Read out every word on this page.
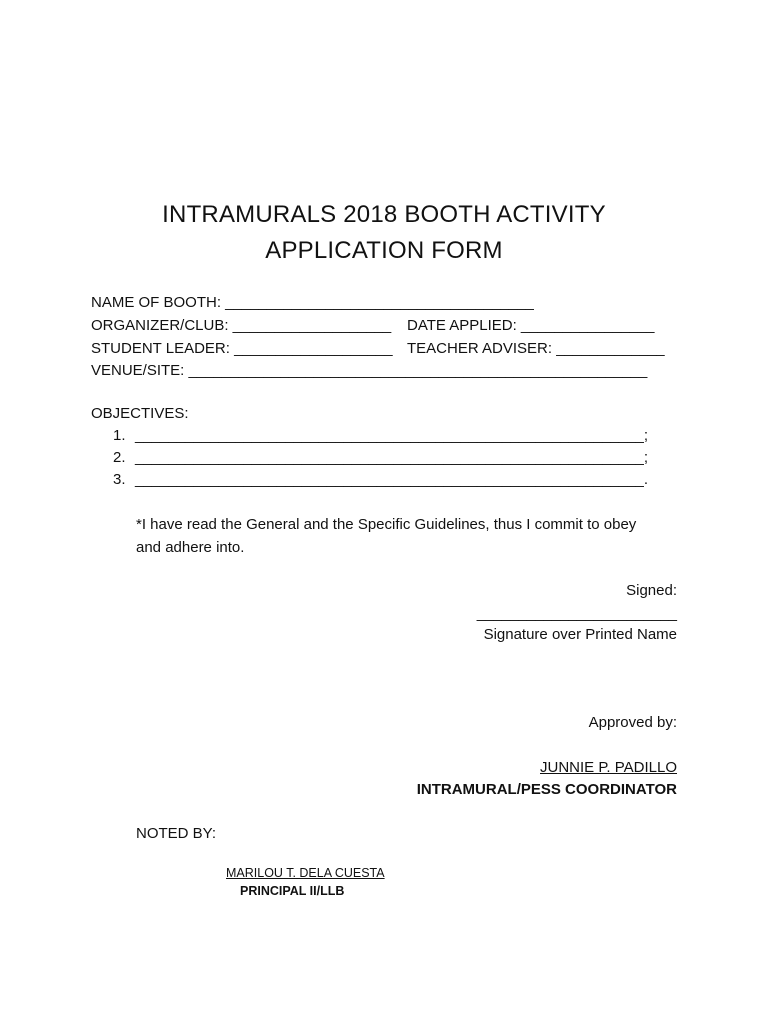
INTRAMURALS 2018 BOOTH ACTIVITY
APPLICATION FORM
NAME OF BOOTH: _____________________________________
ORGANIZER/CLUB: ___________________ DATE APPLIED: ________________
STUDENT LEADER: ___________________ TEACHER ADVISER: _____________
VENUE/SITE: _______________________________________________________
OBJECTIVES:
1. _____________________________________________________________;
2. _____________________________________________________________;
3. _____________________________________________________________.
*I have read the General and the Specific Guidelines, thus I commit to obey
and adhere into.
Signed:
________________________
Signature over Printed Name
Approved by:
JUNNIE P. PADILLO
INTRAMURAL/PESS COORDINATOR
NOTED BY:
MARILOU T. DELA CUESTA
PRINCIPAL II/LLB
